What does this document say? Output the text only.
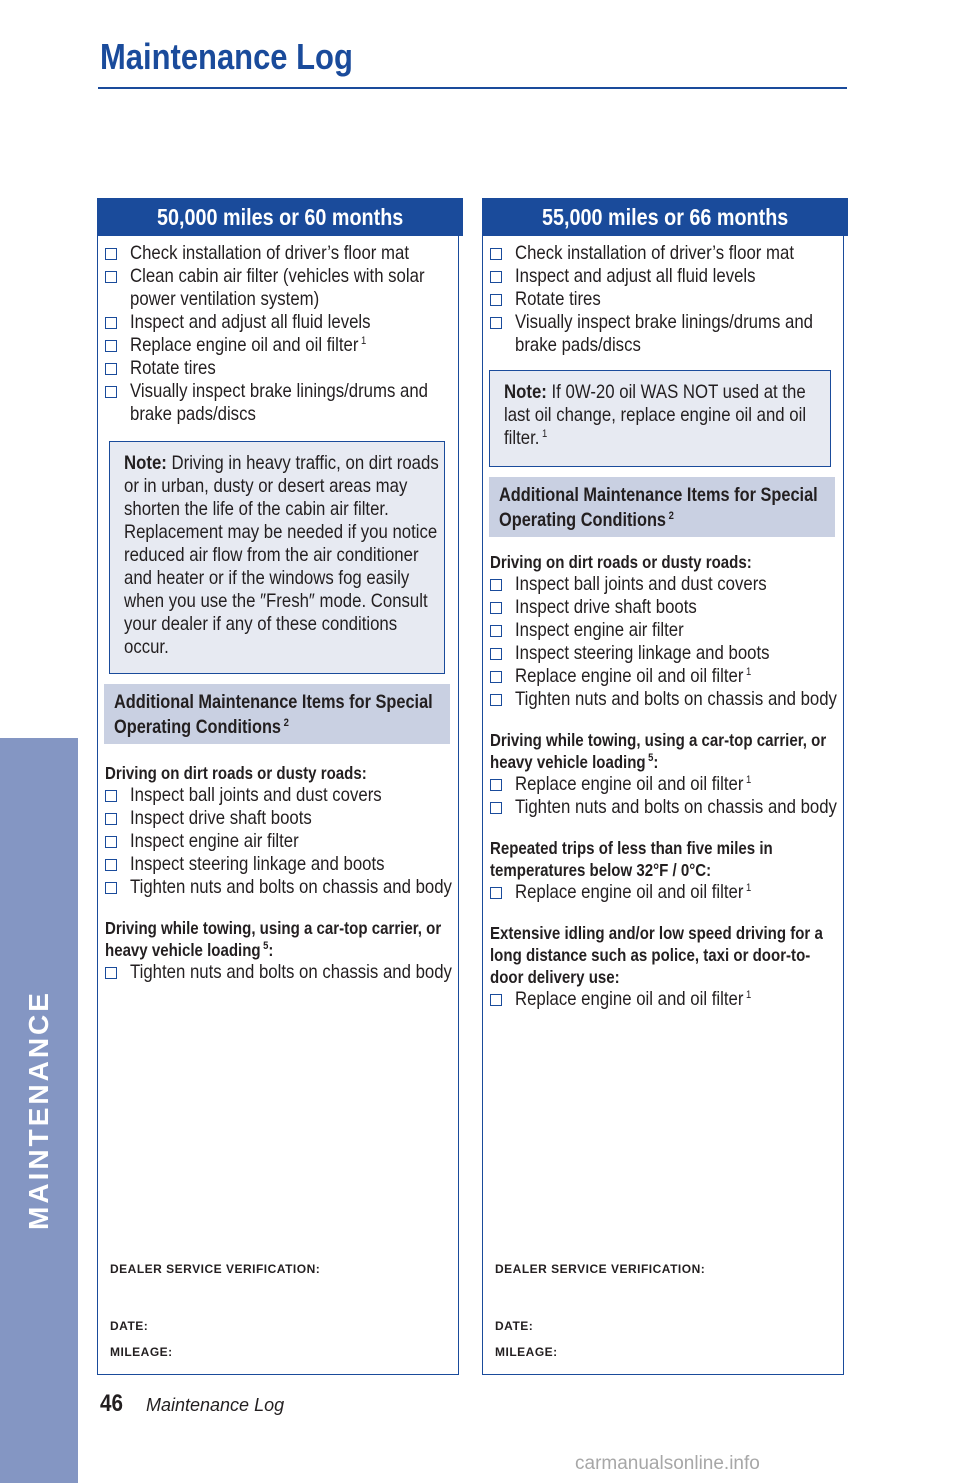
MAINTENANCE
Maintenance Log
50,000 miles or 60 months
Check installation of driver’s floor mat
Clean cabin air filter (vehicles with solar power ventilation system)
Inspect and adjust all fluid levels
Replace engine oil and oil filter $^1$
Rotate tires
Visually inspect brake linings/drums and brake pads/discs
Note: Driving in heavy traffic, on dirt roads or in urban, dusty or desert areas may shorten the life of the cabin air filter. Replacement may be needed if you notice reduced air flow from the air conditioner and heater or if the windows fog easily when you use the ″Fresh″ mode. Consult your dealer if any of these conditions occur.
Additional Maintenance Items for Special Operating Conditions $^2$
Driving on dirt roads or dusty roads:
Inspect ball joints and dust covers
Inspect drive shaft boots
Inspect engine air filter
Inspect steering linkage and boots
Tighten nuts and bolts on chassis and body
Driving while towing, using a car-top carrier, or heavy vehicle loading $^5$:
Tighten nuts and bolts on chassis and body
DEALER SERVICE VERIFICATION:
DATE:
MILEAGE:
55,000 miles or 66 months
Check installation of driver’s floor mat
Inspect and adjust all fluid levels
Rotate tires
Visually inspect brake linings/drums and brake pads/discs
Note: If 0W-20 oil WAS NOT used at the last oil change, replace engine oil and oil filter. $^1$
Additional Maintenance Items for Special Operating Conditions $^2$
Driving on dirt roads or dusty roads:
Inspect ball joints and dust covers
Inspect drive shaft boots
Inspect engine air filter
Inspect steering linkage and boots
Replace engine oil and oil filter $^1$
Tighten nuts and bolts on chassis and body
Driving while towing, using a car-top carrier, or heavy vehicle loading $^5$:
Replace engine oil and oil filter $^1$
Tighten nuts and bolts on chassis and body
Repeated trips of less than five miles in temperatures below 32°F / 0°C:
Replace engine oil and oil filter $^1$
Extensive idling and/or low speed driving for a long distance such as police, taxi or door-to-door delivery use:
Replace engine oil and oil filter $^1$
DEALER SERVICE VERIFICATION:
DATE:
MILEAGE:
46 Maintenance Log
carmanualsonline.info
